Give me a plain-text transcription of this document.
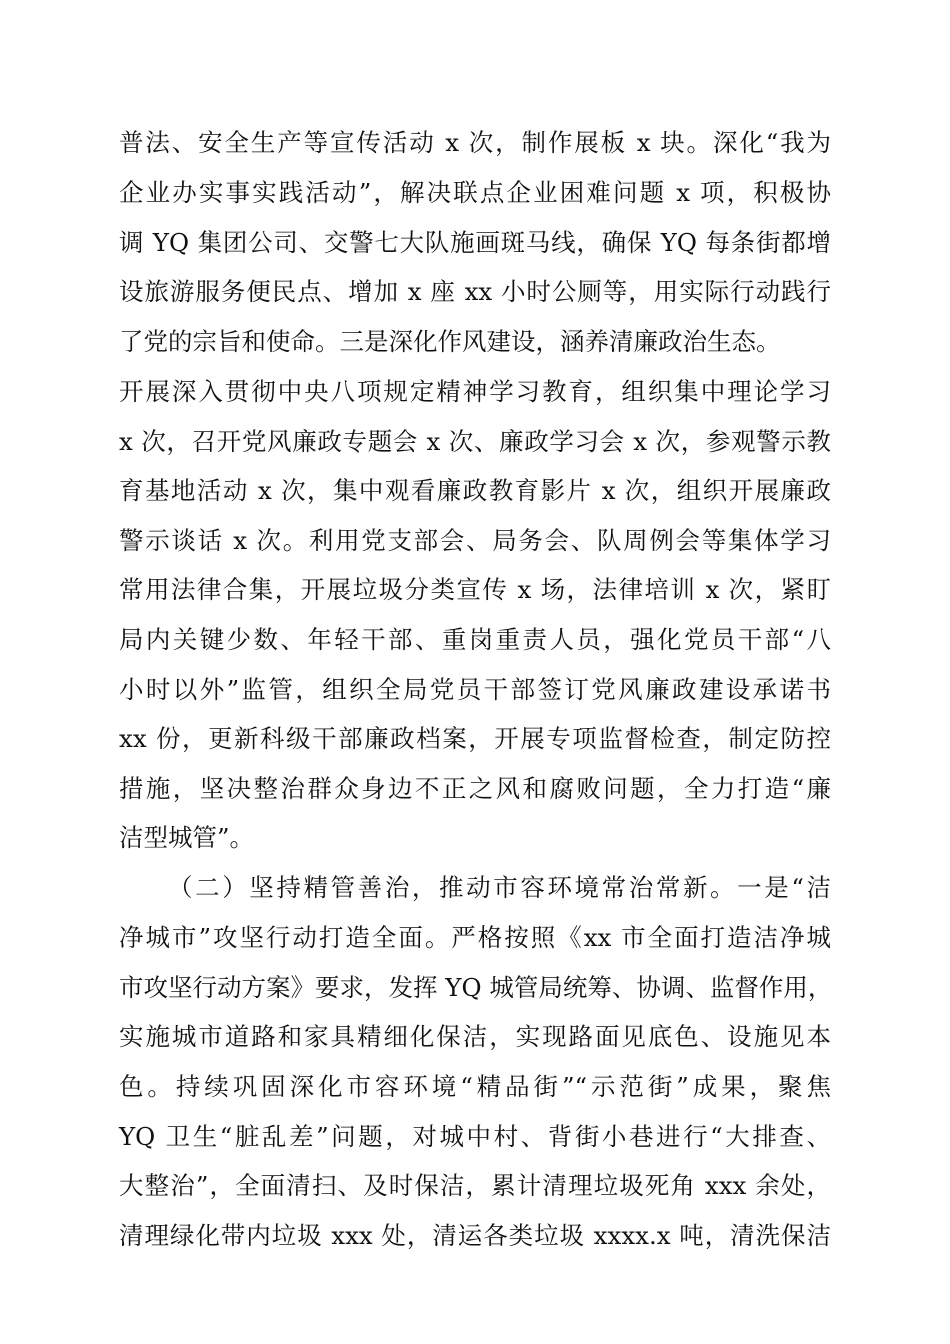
普法、安全生产等宣传活动 x 次，制作展板 x 块。深化“我为
企业办实事实践活动”，解决联点企业困难问题 x 项，积极协
调 YQ 集团公司、交警七大队施画斑马线，确保 YQ 每条街都增
设旅游服务便民点、增加 x 座 xx 小时公厕等，用实际行动践行
了党的宗旨和使命。三是深化作风建设，涵养清廉政治生态。
开展深入贯彻中央八项规定精神学习教育，组织集中理论学习
x 次，召开党风廉政专题会 x 次、廉政学习会 x 次，参观警示教
育基地活动 x 次，集中观看廉政教育影片 x 次，组织开展廉政
警示谈话 x 次。利用党支部会、局务会、队周例会等集体学习
常用法律合集，开展垃圾分类宣传 x 场，法律培训 x 次，紧盯
局内关键少数、年轻干部、重岗重责人员，强化党员干部“八
小时以外”监管，组织全局党员干部签订党风廉政建设承诺书
xx 份，更新科级干部廉政档案，开展专项监督检查，制定防控
措施，坚决整治群众身边不正之风和腐败问题，全力打造“廉
洁型城管”。
（二）坚持精管善治，推动市容环境常治常新。一是“洁
净城市”攻坚行动打造全面。严格按照《xx 市全面打造洁净城
市攻坚行动方案》要求，发挥 YQ 城管局统筹、协调、监督作用，
实施城市道路和家具精细化保洁，实现路面见底色、设施见本
色。持续巩固深化市容环境“精品街”“示范街”成果，聚焦
YQ 卫生“脏乱差”问题，对城中村、背街小巷进行“大排查、
大整治”，全面清扫、及时保洁，累计清理垃圾死角 xxx 余处，
清理绿化带内垃圾 xxx 处，清运各类垃圾 xxxx.x 吨，清洗保洁
